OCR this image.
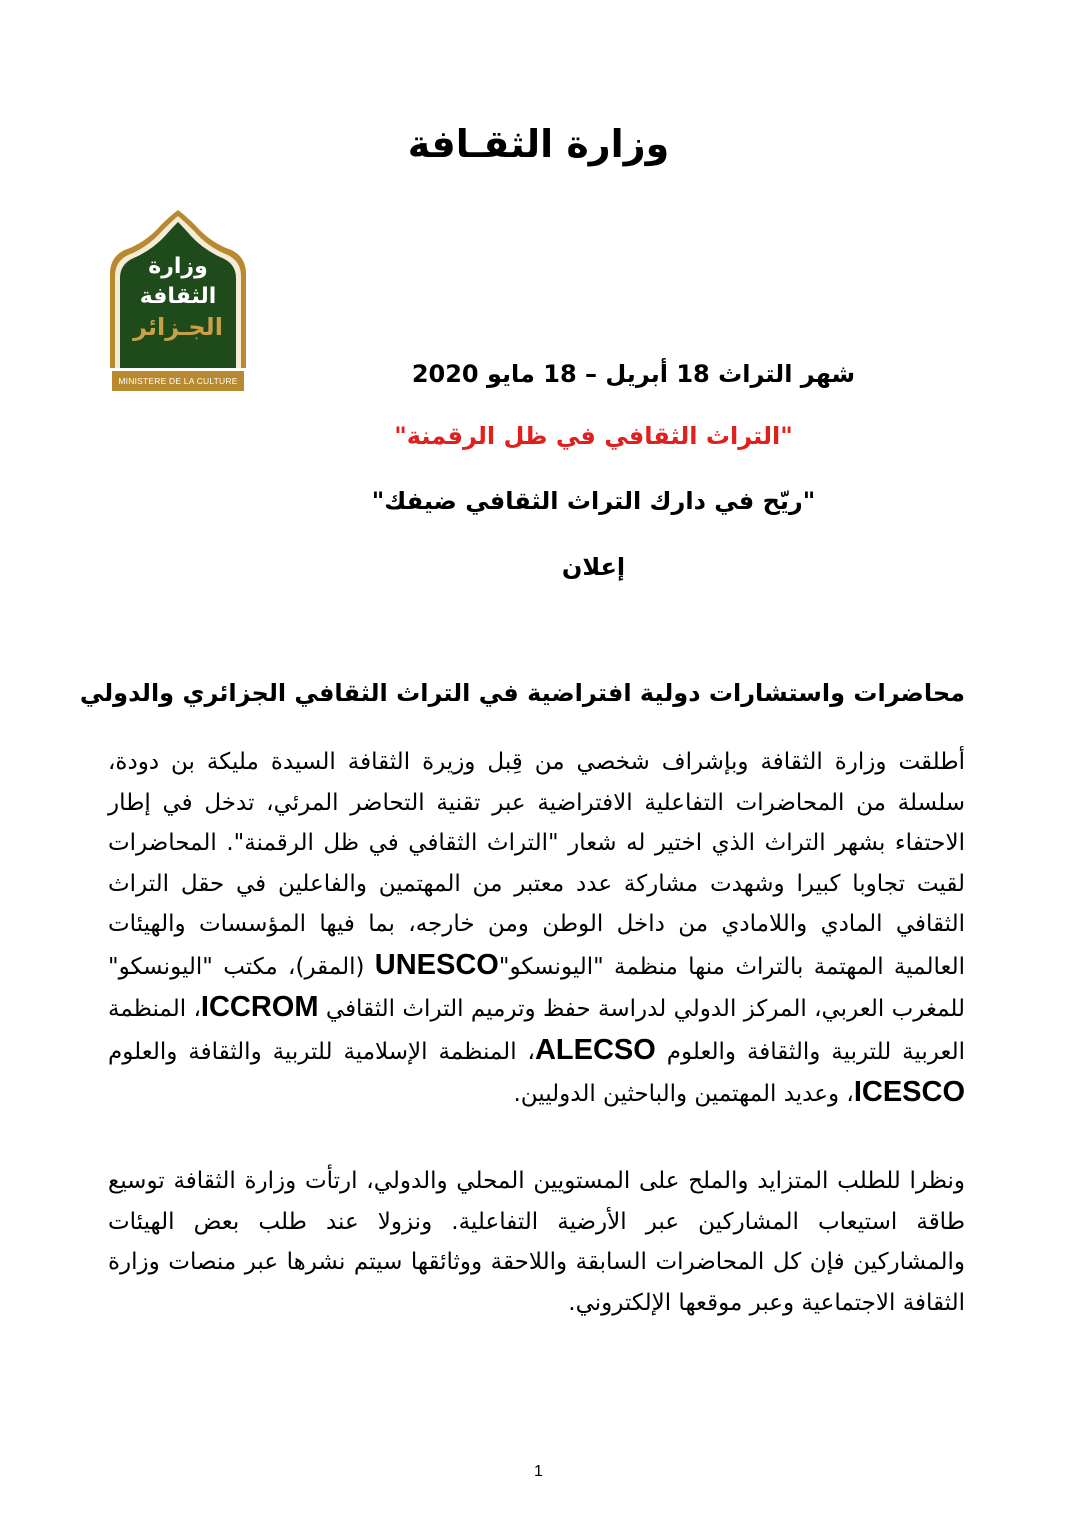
وزارة الثقـافة
وزارة
الثقافة
الجـزائر
MINISTERE DE LA CULTURE	شهر التراث 18 أبريل – 18 مايو 2020
"التراث الثقافي في ظل الرقمنة"
"ريّح في دارك التراث الثقافي ضيفك"
إعلان
محاضرات واستشارات دولية افتراضية في التراث الثقافي الجزائري والدولي
أطلقت وزارة الثقافة وبإشراف شخصي من قِبل وزيرة الثقافة السيدة مليكة بن دودة، سلسلة من المحاضرات التفاعلية الافتراضية عبر تقنية التحاضر المرئي، تدخل في إطار الاحتفاء بشهر التراث الذي اختير له شعار "التراث الثقافي في ظل الرقمنة". المحاضرات لقيت تجاوبا كبيرا وشهدت مشاركة عدد معتبر من المهتمين والفاعلين في حقل التراث الثقافي المادي واللامادي من داخل الوطن ومن خارجه، بما فيها المؤسسات والهيئات العالمية المهتمة بالتراث منها منظمة "اليونسكو"UNESCO (المقر)، مكتب "اليونسكو" للمغرب العربي، المركز الدولي لدراسة حفظ وترميم التراث الثقافي ICCROM، المنظمة العربية للتربية والثقافة والعلوم ALECSO، المنظمة الإسلامية للتربية والثقافة والعلوم ICESCO، وعديد المهتمين والباحثين الدوليين.
ونظرا للطلب المتزايد والملح على المستويين المحلي والدولي، ارتأت وزارة الثقافة توسيع طاقة استيعاب المشاركين عبر الأرضية التفاعلية. ونزولا عند طلب بعض الهيئات والمشاركين فإن كل المحاضرات السابقة واللاحقة ووثائقها سيتم نشرها عبر منصات وزارة الثقافة الاجتماعية وعبر موقعها الإلكتروني.
1
